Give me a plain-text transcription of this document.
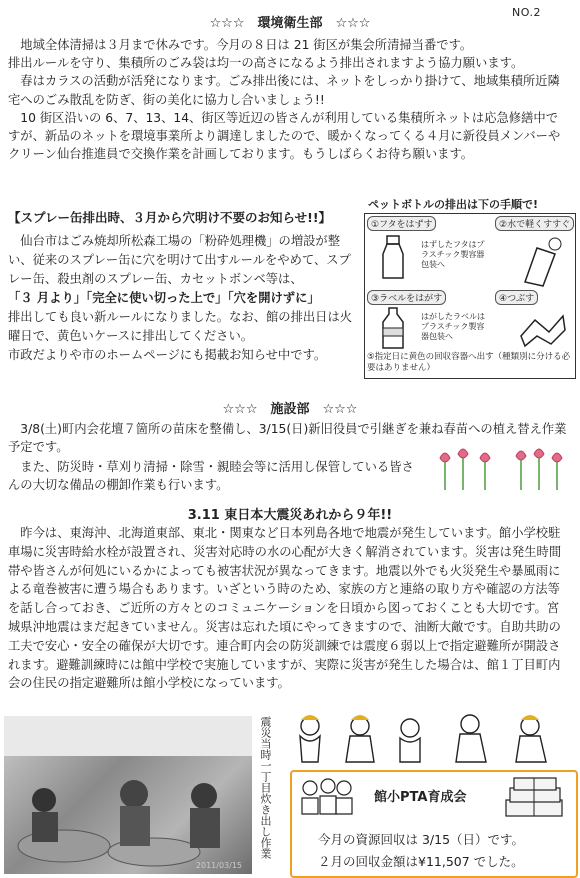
NO.2
☆☆☆　環境衛生部　☆☆☆

地域全体清掃は３月まで休みです。今月の８日は 21 街区が集会所清掃当番です。

排出ルールを守り、集積所のごみ袋は均一の高さになるよう排出されますよう協力願います。

春はカラスの活動が活発になります。ごみ排出後には、ネットをしっかり掛けて、地域集積所近隣宅へのごみ散乱を防ぎ、街の美化に協力し合いましょう!!

10 街区沿いの 6、7、13、14、街区等近辺の皆さんが利用している集積所ネットは応急修繕中ですが、新品のネットを環境事業所より調達しましたので、暖かくなってくる４月に新役員メンバーやクリーン仙台推進員で交換作業を計画しております。もうしばらくお待ち願います。

【スプレー缶排出時、３月から穴明け不要のお知らせ!!】

仙台市はごみ焼却所松森工場の「粉砕処理機」の増設が整い、従来のスプレー缶に穴を明けて出すルールをやめて、スプレー缶、殺虫剤のスプレー缶、カセットボンベ等は、

「３ 月より」「完全に使い切った上で」「穴を開けずに」

排出しても良い新ルールになりました。なお、館の排出日は火曜日で、黄色いケースに排出してください。

市政だよりや市のホームページにも掲載お知らせ中です。

ペットボトルの排出は下の手順で!
①フタをはずす	②水で軽くすすぐ
はずしたフタはプラスチック製容器包装へ
③ラベルをはがす	④つぶす
はがしたラベルはプラスチック製容器包装へ
⑤指定日に黄色の回収容器へ出す（種類別に分ける必要はありません）
☆☆☆　施設部　☆☆☆

3/8(土)町内会花壇７箇所の苗床を整備し、3/15(日)新旧役員で引継ぎを兼ね春苗への植え替え作業予定です。

また、防災時・草刈り清掃・除雪・親睦会等に活用し保管している皆さんの大切な備品の棚卸作業も行います。

3.11 東日本大震災あれから９年!!

昨今は、東海沖、北海道東部、東北・関東など日本列島各地で地震が発生しています。館小学校駐車場に災害時給水栓が設置され、災害対応時の水の心配が大きく解消されています。災害は発生時間帯や皆さんが何処にいるかによっても被害状況が異なってきます。地震以外でも火災発生や暴風雨による竜巻被害に遭う場合もあります。いざという時のため、家族の方と連絡の取り方や確認の方法等を話し合っておき、ご近所の方々とのコミュニケーションを日頃から図っておくことも大切です。宮城県沖地震はまだ起きていません。災害は忘れた頃にやってきますので、油断大敵です。自助共助の工夫で安心・安全の確保が大切です。連合町内会の防災訓練では震度６弱以上で指定避難所が開設されます。避難訓練時には館中学校で実施していますが、実際に災害が発生した場合は、館１丁目町内会の住民の指定避難所は館小学校になっています。

2011/03/15
震災当時一丁目炊き出し作業	館小PTA育成会
今月の資源回収は 3/15（日）です。
２月の回収金額は¥11,507 でした。
